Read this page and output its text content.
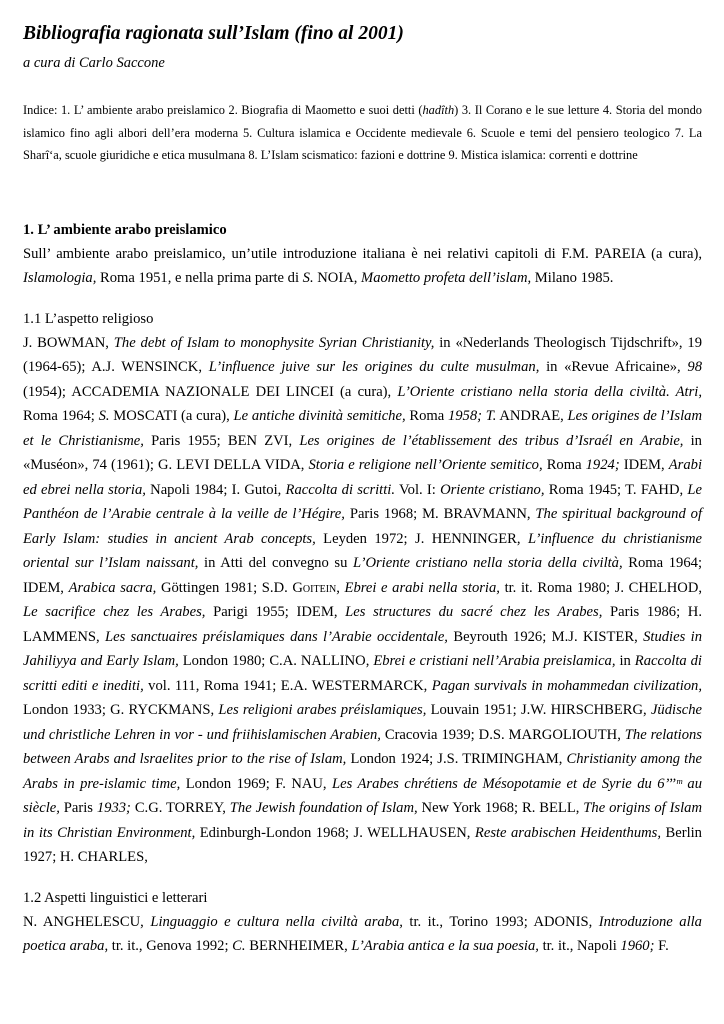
Bibliografia ragionata sull’Islam (fino al 2001)

a cura di Carlo Saccone

Indice: 1. L’ ambiente arabo preislamico 2. Biografia di Maometto e suoi detti (hadîth) 3. Il Corano e le sue letture 4. Storia del mondo islamico fino agli albori dell’era moderna 5. Cultura islamica e Occidente medievale 6. Scuole e temi del pensiero teologico 7. La Sharî‘a, scuole giuridiche e etica musulmana 8. L’Islam scismatico: fazioni e dottrine 9. Mistica islamica: correnti e dottrine

1. L’ ambiente arabo preislamico

Sull’ ambiente arabo preislamico, un’utile introduzione italiana è nei relativi capitoli di F.M. PAREIA (a cura), Islamologia, Roma 1951, e nella prima parte di S. NOIA, Maometto profeta dell’islam, Milano 1985.

1.1 L’aspetto religioso

J. BOWMAN, The debt of Islam to monophysite Syrian Christianity, in «Nederlands Theologisch Tijdschrift», 19 (1964-65); A.J. WENSINCK, L’influence juive sur les origines du culte musulman, in «Revue Africaine», 98 (1954); ACCADEMIA NAZIONALE DEI LINCEI (a cura), L’Oriente cristiano nella storia della civiltà. Atri, Roma 1964; S. MOSCATI (a cura), Le antiche divinità semitiche, Roma 1958; T. ANDRAE, Les origines de l’Islam et le Christianisme, Paris 1955; BEN ZVI, Les origines de l’établissement des tribus d’Israél en Arabie, in «Muséon», 74 (1961); G. LEVI DELLA VIDA, Storia e religione nell’Oriente semitico, Roma 1924; IDEM, Arabi ed ebrei nella storia, Napoli 1984; I. Gutoi, Raccolta di scritti. Vol. I: Oriente cristiano, Roma 1945; T. FAHD, Le Panthéon de l’Arabie centrale à la veille de l’Hégire, Paris 1968; M. BRAVMANN, The spiritual background of Early Islam: studies in ancient Arab concepts, Leyden 1972; J. HENNINGER, L’influence du christianisme oriental sur l’Islam naissant, in Atti del convegno su L’Oriente cristiano nella storia della civiltà, Roma 1964; IDEM, Arabica sacra, Göttingen 1981; S.D. Goitein, Ebrei e arabi nella storia, tr. it. Roma 1980; J. CHELHOD, Le sacrifice chez les Arabes, Parigi 1955; IDEM, Les structures du sacré chez les Arabes, Paris 1986; H. LAMMENS, Les sanctuaires préislamiques dans l’Arabie occidentale, Beyrouth 1926; M.J. KISTER, Studies in Jahiliyya and Early Islam, London 1980; C.A. NALLINO, Ebrei e cristiani nell’Arabia preislamica, in Raccolta di scritti editi e inediti, vol. 111, Roma 1941; E.A. WESTERMARCK, Pagan survivals in mohammedan civilization, London 1933; G. RYCKMANS, Les religioni arabes préislamiques, Louvain 1951; J.W. HIRSCHBERG, Jüdische und christliche Lehren in vor - und friihislamischen Arabien, Cracovia 1939; D.S. MARGOLIOUTH, The relations between Arabs and lsraelites prior to the rise of Islam, London 1924; J.S. TRIMINGHAM, Christianity among the Arabs in pre-islamic time, London 1969; F. NAU, Les Arabes chrétiens de Mésopotamie et de Syrie du 6’’’ᵐ au siècle, Paris 1933; C.G. TORREY, The Jewish foundation of Islam, New York 1968; R. BELL, The origins of Islam in its Christian Environment, Edinburgh-London 1968; J. WELLHAUSEN, Reste arabischen Heidenthums, Berlin 1927; H. CHARLES,

1.2 Aspetti linguistici e letterari

N. ANGHELESCU, Linguaggio e cultura nella civiltà araba, tr. it., Torino 1993; ADONIS, Introduzione alla poetica araba, tr. it., Genova 1992; C. BERNHEIMER, L’Arabia antica e la sua poesia, tr. it., Napoli 1960; F.
